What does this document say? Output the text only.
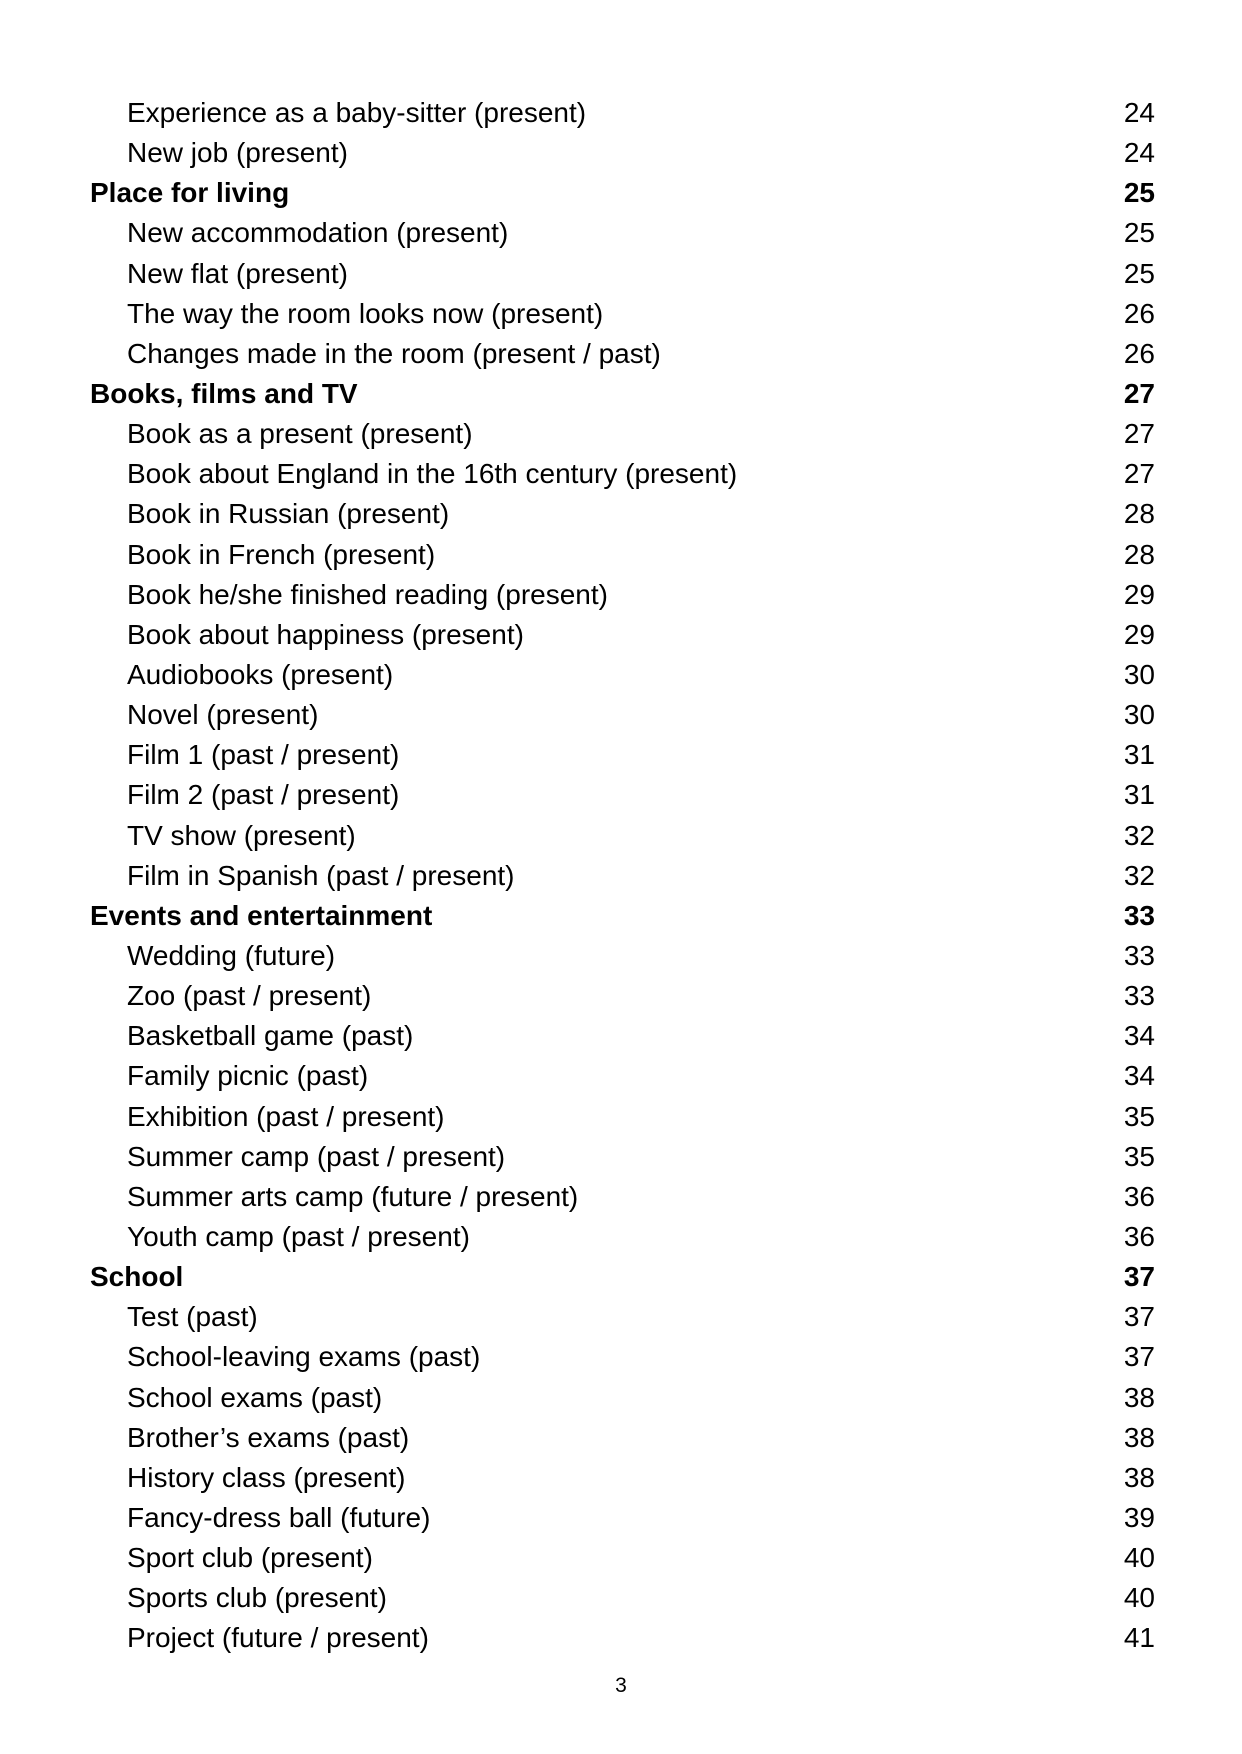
Experience as a baby-sitter (present)	24
New job (present)	24
Place for living	25
New accommodation (present)	25
New flat (present)	25
The way the room looks now (present)	26
Changes made in the room (present / past)	26
Books, films and TV	27
Book as a present (present)	27
Book about England in the 16th century (present)	27
Book in Russian (present)	28
Book in French (present)	28
Book he/she finished reading (present)	29
Book about happiness (present)	29
Audiobooks (present)	30
Novel (present)	30
Film 1 (past / present)	31
Film 2 (past / present)	31
TV show (present)	32
Film in Spanish (past / present)	32
Events and entertainment	33
Wedding (future)	33
Zoo (past / present)	33
Basketball game (past)	34
Family picnic (past)	34
Exhibition (past / present)	35
Summer camp (past / present)	35
Summer arts camp (future / present)	36
Youth camp (past / present)	36
School	37
Test (past)	37
School-leaving exams (past)	37
School exams (past)	38
Brother’s exams (past)	38
History class (present)	38
Fancy-dress ball (future)	39
Sport club (present)	40
Sports club (present)	40
Project (future / present)	41
3
